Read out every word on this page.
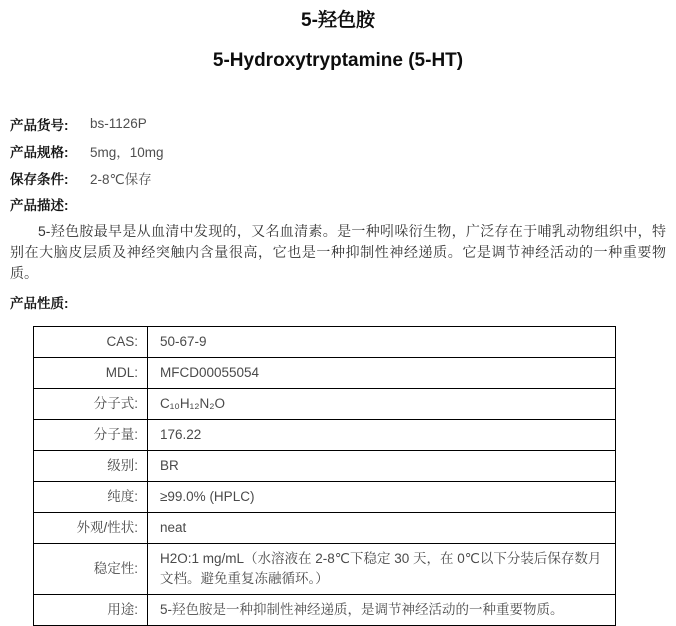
5-羟色胺
5-Hydroxytryptamine (5-HT)
产品货号:	bs-1126P
产品规格:	5mg，10mg
保存条件:	2-8℃保存
产品描述:

5-羟色胺最早是从血清中发现的，又名血清素。是一种吲哚衍生物，广泛存在于哺乳动物组织中，特别在大脑皮层质及神经突触内含量很高，它也是一种抑制性神经递质。它是调节神经活动的一种重要物质。

产品性质:
CAS:	50-67-9
MDL:	MFCD00055054
分子式:	C₁₀H₁₂N₂O
分子量:	176.22
级别:	BR
纯度:	≥99.0% (HPLC)
外观/性状:	neat
稳定性:	H2O:1 mg/mL（水溶液在 2-8℃下稳定 30 天，在 0℃以下分装后保存数月文档。避免重复冻融循环。）
用途:	5-羟色胺是一种抑制性神经递质，是调节神经活动的一种重要物质。
